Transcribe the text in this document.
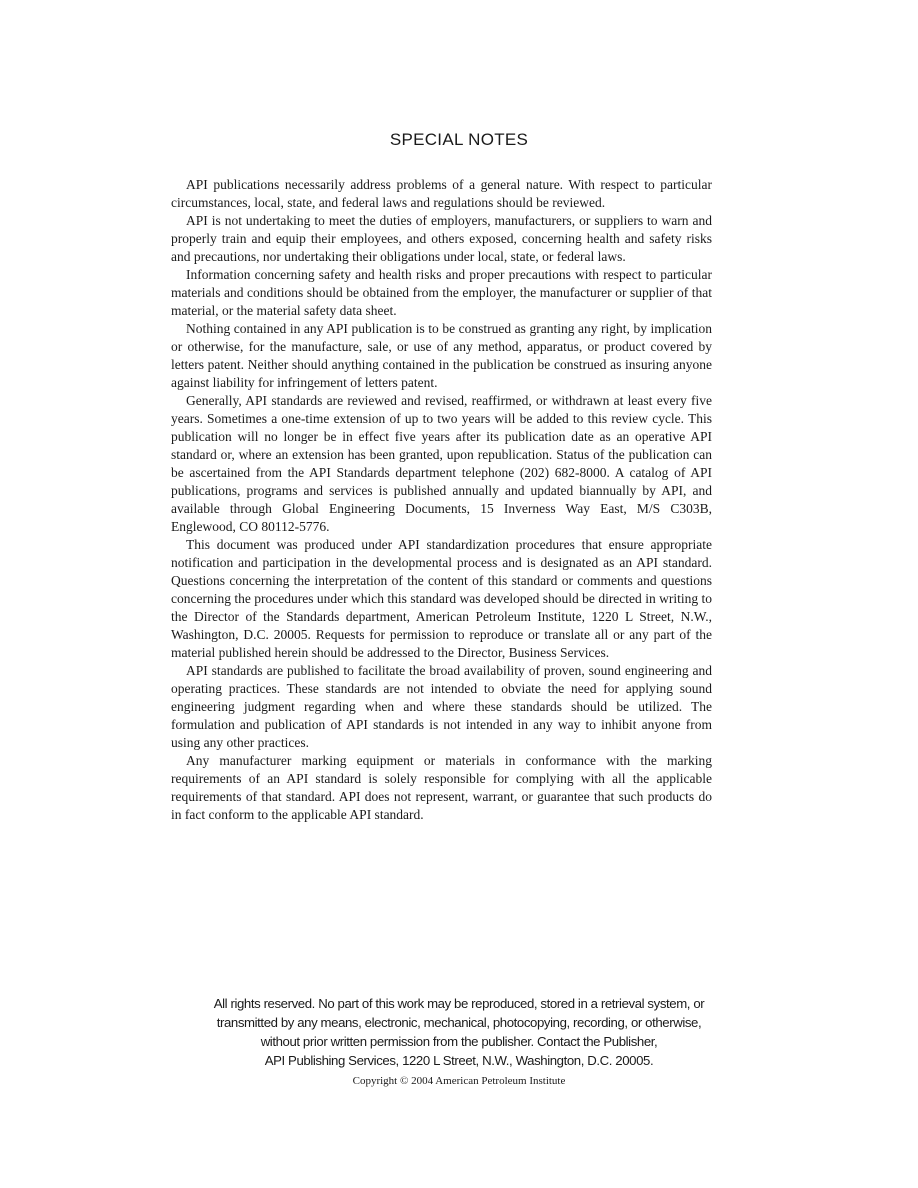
SPECIAL NOTES

API publications necessarily address problems of a general nature. With respect to particular circumstances, local, state, and federal laws and regulations should be reviewed.

API is not undertaking to meet the duties of employers, manufacturers, or suppliers to warn and properly train and equip their employees, and others exposed, concerning health and safety risks and precautions, nor undertaking their obligations under local, state, or federal laws.

Information concerning safety and health risks and proper precautions with respect to particular materials and conditions should be obtained from the employer, the manufacturer or supplier of that material, or the material safety data sheet.

Nothing contained in any API publication is to be construed as granting any right, by implication or otherwise, for the manufacture, sale, or use of any method, apparatus, or product covered by letters patent. Neither should anything contained in the publication be construed as insuring anyone against liability for infringement of letters patent.

Generally, API standards are reviewed and revised, reaffirmed, or withdrawn at least every five years. Sometimes a one-time extension of up to two years will be added to this review cycle. This publication will no longer be in effect five years after its publication date as an operative API standard or, where an extension has been granted, upon republication. Status of the publication can be ascertained from the API Standards department telephone (202) 682-8000. A catalog of API publications, programs and services is published annually and updated biannually by API, and available through Global Engineering Documents, 15 Inverness Way East, M/S C303B, Englewood, CO 80112-5776.

This document was produced under API standardization procedures that ensure appropriate notification and participation in the developmental process and is designated as an API standard. Questions concerning the interpretation of the content of this standard or comments and questions concerning the procedures under which this standard was developed should be directed in writing to the Director of the Standards department, American Petroleum Institute, 1220 L Street, N.W., Washington, D.C. 20005. Requests for permission to reproduce or translate all or any part of the material published herein should be addressed to the Director, Business Services.

API standards are published to facilitate the broad availability of proven, sound engineering and operating practices. These standards are not intended to obviate the need for applying sound engineering judgment regarding when and where these standards should be utilized. The formulation and publication of API standards is not intended in any way to inhibit anyone from using any other practices.

Any manufacturer marking equipment or materials in conformance with the marking requirements of an API standard is solely responsible for complying with all the applicable requirements of that standard. API does not represent, warrant, or guarantee that such products do in fact conform to the applicable API standard.

All rights reserved. No part of this work may be reproduced, stored in a retrieval system, or
transmitted by any means, electronic, mechanical, photocopying, recording, or otherwise,
without prior written permission from the publisher. Contact the Publisher,
API Publishing Services, 1220 L Street, N.W., Washington, D.C. 20005.
Copyright © 2004 American Petroleum Institute
